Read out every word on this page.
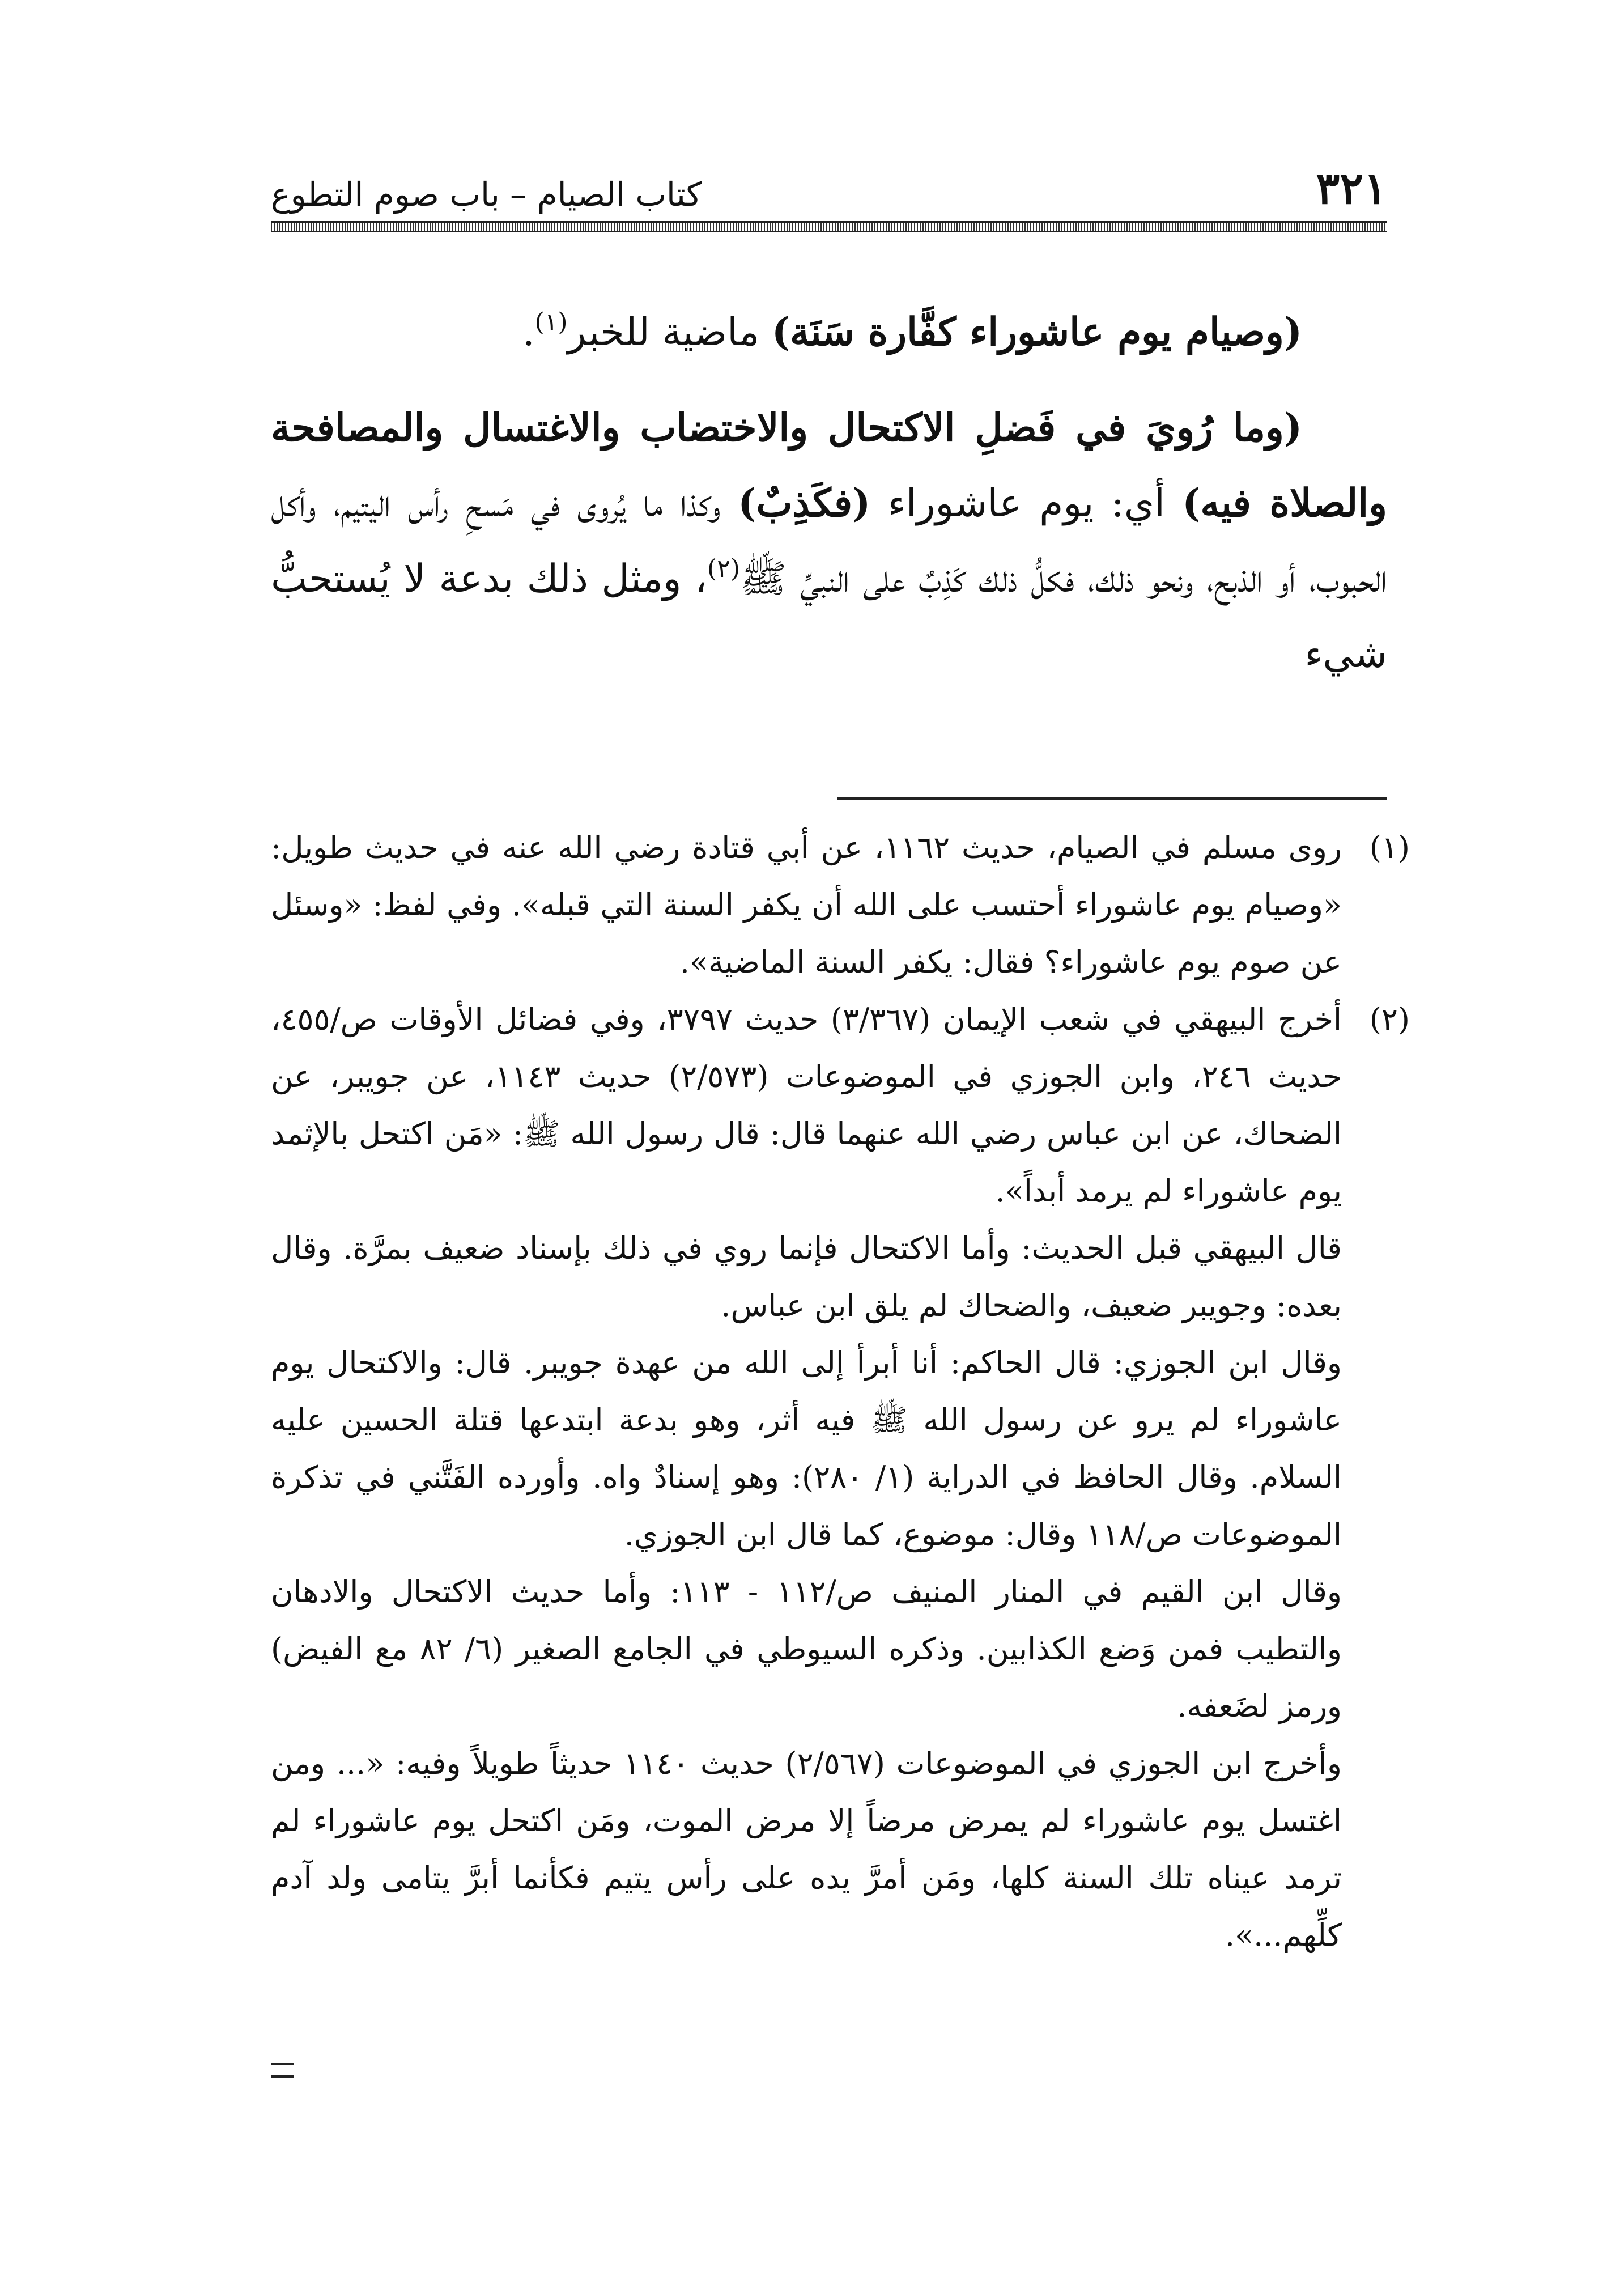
٣٢١
كتاب الصيام – باب صوم التطوع

(وصيام يوم عاشوراء كفَّارة سَنَة) ماضية للخبر$^{(١)}$.

(وما رُويَ في فَضلِ الاكتحال والاختضاب والاغتسال والمصافحة والصلاة فيه) أي: يوم عاشوراء (فكَذِبٌ) وكذا ما يُروى في مَسحِ رأس اليتيم، وأكل الحبوب، أو الذبح، ونحو ذلك، فكلُّ ذلك كَذِبٌ على النبيِّ ﷺ$^{(٢)}$، ومثل ذلك بدعة لا يُستحبُّ شيء

(١)

روى مسلم في الصيام، حديث ١١٦٢، عن أبي قتادة رضي الله عنه في حديث طويل: «وصيام يوم عاشوراء أحتسب على الله أن يكفر السنة التي قبله». وفي لفظ: «وسئل عن صوم يوم عاشوراء؟ فقال: يكفر السنة الماضية».

(٢)

أخرج البيهقي في شعب الإيمان (٣/٣٦٧) حديث ٣٧٩٧، وفي فضائل الأوقات ص/٤٥٥، حديث ٢٤٦، وابن الجوزي في الموضوعات (٢/٥٧٣) حديث ١١٤٣، عن جويبر، عن الضحاك، عن ابن عباس رضي الله عنهما قال: قال رسول الله ﷺ: «مَن اكتحل بالإثمد يوم عاشوراء لم يرمد أبداً».

قال البيهقي قبل الحديث: وأما الاكتحال فإنما روي في ذلك بإسناد ضعيف بمرَّة. وقال بعده: وجويبر ضعيف، والضحاك لم يلق ابن عباس.

وقال ابن الجوزي: قال الحاكم: أنا أبرأ إلى الله من عهدة جويبر. قال: والاكتحال يوم عاشوراء لم يرو عن رسول الله ﷺ فيه أثر، وهو بدعة ابتدعها قتلة الحسين عليه السلام. وقال الحافظ في الدراية (١/ ٢٨٠): وهو إسنادٌ واه. وأورده الفَتَّني في تذكرة الموضوعات ص/١١٨ وقال: موضوع، كما قال ابن الجوزي.

وقال ابن القيم في المنار المنيف ص/١١٢ - ١١٣: وأما حديث الاكتحال والادهان والتطيب فمن وَضع الكذابين. وذكره السيوطي في الجامع الصغير (٦/ ٨٢ مع الفيض) ورمز لضَعفه.

وأخرج ابن الجوزي في الموضوعات (٢/٥٦٧) حديث ١١٤٠ حديثاً طويلاً وفيه: «... ومن اغتسل يوم عاشوراء لم يمرض مرضاً إلا مرض الموت، ومَن اكتحل يوم عاشوراء لم ترمد عيناه تلك السنة كلها، ومَن أمرَّ يده على رأس يتيم فكأنما أبرَّ يتامى ولد آدم كلِّهم...».
